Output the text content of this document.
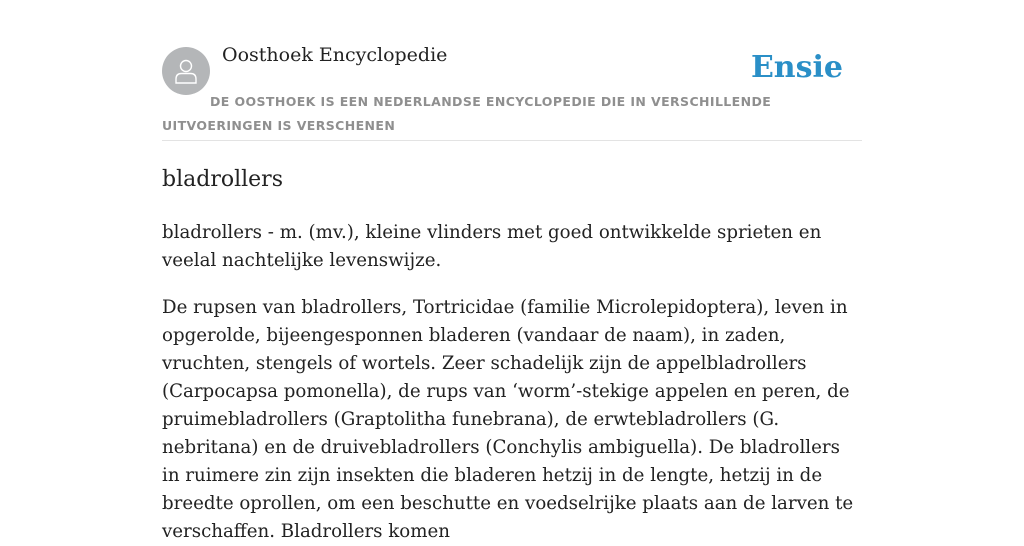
Oosthoek Encyclopedie	Ensie

DE OOSTHOEK IS EEN NEDERLANDSE ENCYCLOPEDIE DIE IN VERSCHILLENDE UITVOERINGEN IS VERSCHENEN

bladrollers

bladrollers - m. (mv.), kleine vlinders met goed ontwikkelde sprieten en veelal nachtelijke levenswijze.

De rupsen van bladrollers, Tortricidae (familie Microlepidoptera), leven in opgerolde, bijeengesponnen bladeren (vandaar de naam), in zaden, vruchten, stengels of wortels. Zeer schadelijk zijn de appelbladrollers (Carpocapsa pomonella), de rups van ‘worm’-stekige appelen en peren, de pruimebladrollers (Graptolitha funebrana), de erwtebladrollers (G. nebritana) en de druivebladrollers (Conchylis ambiguella). De bladrollers in ruimere zin zijn insekten die bladeren hetzij in de lengte, hetzij in de breedte oprollen, om een beschutte en voedselrijke plaats aan de larven te verschaffen. Bladrollers komen
